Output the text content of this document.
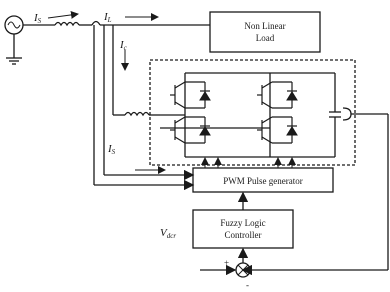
IS	IL
Non Linear
Load
Ic
IS
PWM Pulse generator
Fuzzy Logic
Controller
Vdcr
+
-
